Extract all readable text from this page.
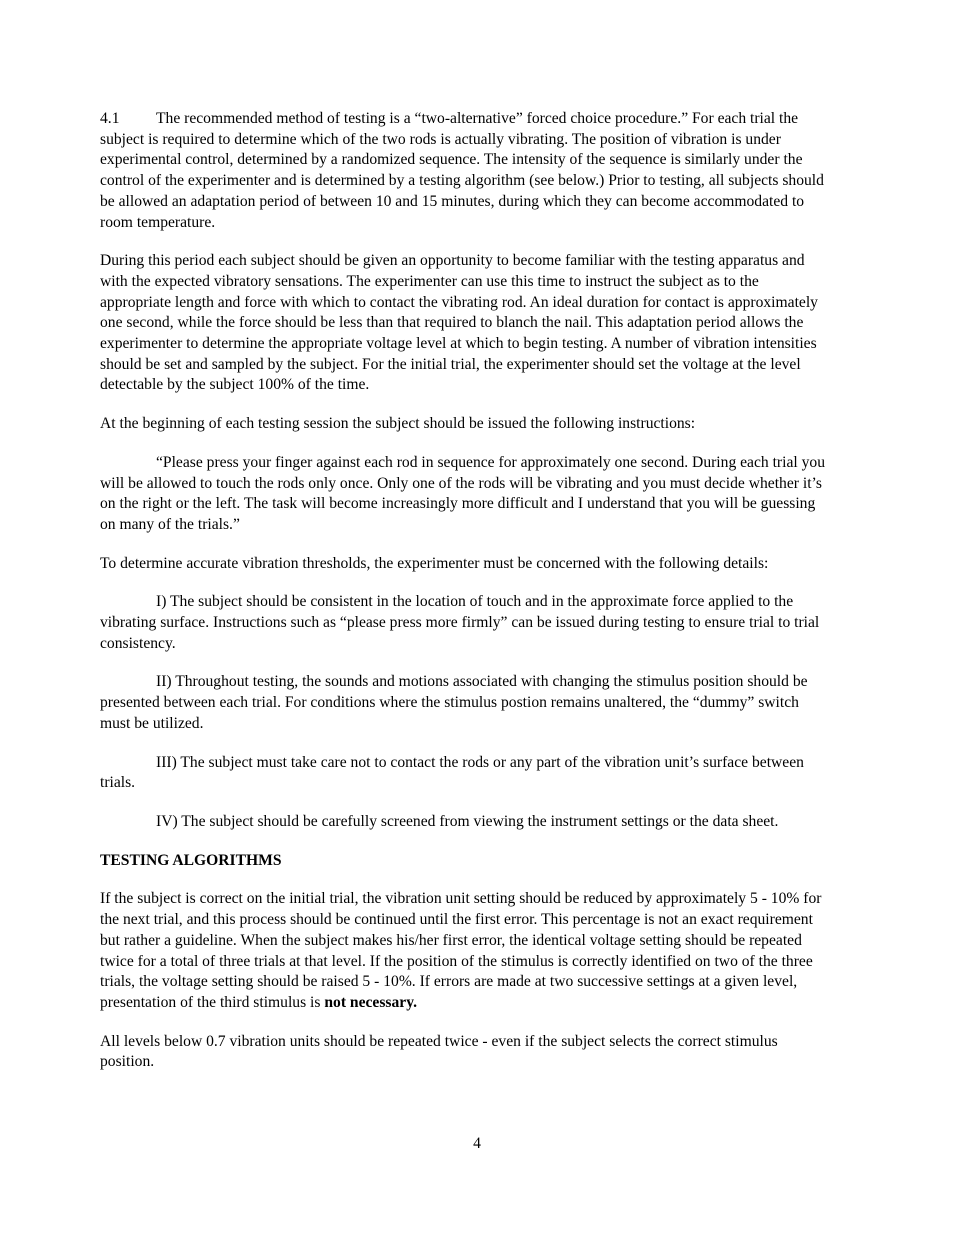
4.1 The recommended method of testing is a “two-alternative” forced choice procedure.” For each trial the subject is required to determine which of the two rods is actually vibrating. The position of vibration is under experimental control, determined by a randomized sequence. The intensity of the sequence is similarly under the control of the experimenter and is determined by a testing algorithm (see below.) Prior to testing, all subjects should be allowed an adaptation period of between 10 and 15 minutes, during which they can become accommodated to room temperature.

During this period each subject should be given an opportunity to become familiar with the testing apparatus and with the expected vibratory sensations. The experimenter can use this time to instruct the subject as to the appropriate length and force with which to contact the vibrating rod. An ideal duration for contact is approximately one second, while the force should be less than that required to blanch the nail. This adaptation period allows the experimenter to determine the appropriate voltage level at which to begin testing. A number of vibration intensities should be set and sampled by the subject. For the initial trial, the experimenter should set the voltage at the level detectable by the subject 100% of the time.

At the beginning of each testing session the subject should be issued the following instructions:

“Please press your finger against each rod in sequence for approximately one second. During each trial you will be allowed to touch the rods only once. Only one of the rods will be vibrating and you must decide whether it’s on the right or the left. The task will become increasingly more difficult and I understand that you will be guessing on many of the trials.”

To determine accurate vibration thresholds, the experimenter must be concerned with the following details:

I) The subject should be consistent in the location of touch and in the approximate force applied to the vibrating surface. Instructions such as “please press more firmly” can be issued during testing to ensure trial to trial consistency.

II) Throughout testing, the sounds and motions associated with changing the stimulus position should be presented between each trial. For conditions where the stimulus postion remains unaltered, the “dummy” switch must be utilized.

III) The subject must take care not to contact the rods or any part of the vibration unit’s surface between trials.

IV) The subject should be carefully screened from viewing the instrument settings or the data sheet.

TESTING ALGORITHMS

If the subject is correct on the initial trial, the vibration unit setting should be reduced by approximately 5 - 10% for the next trial, and this process should be continued until the first error. This percentage is not an exact requirement but rather a guideline. When the subject makes his/her first error, the identical voltage setting should be repeated twice for a total of three trials at that level. If the position of the stimulus is correctly identified on two of the three trials, the voltage setting should be raised 5 - 10%. If errors are made at two successive settings at a given level, presentation of the third stimulus is not necessary.

All levels below 0.7 vibration units should be repeated twice - even if the subject selects the correct stimulus position.

4
